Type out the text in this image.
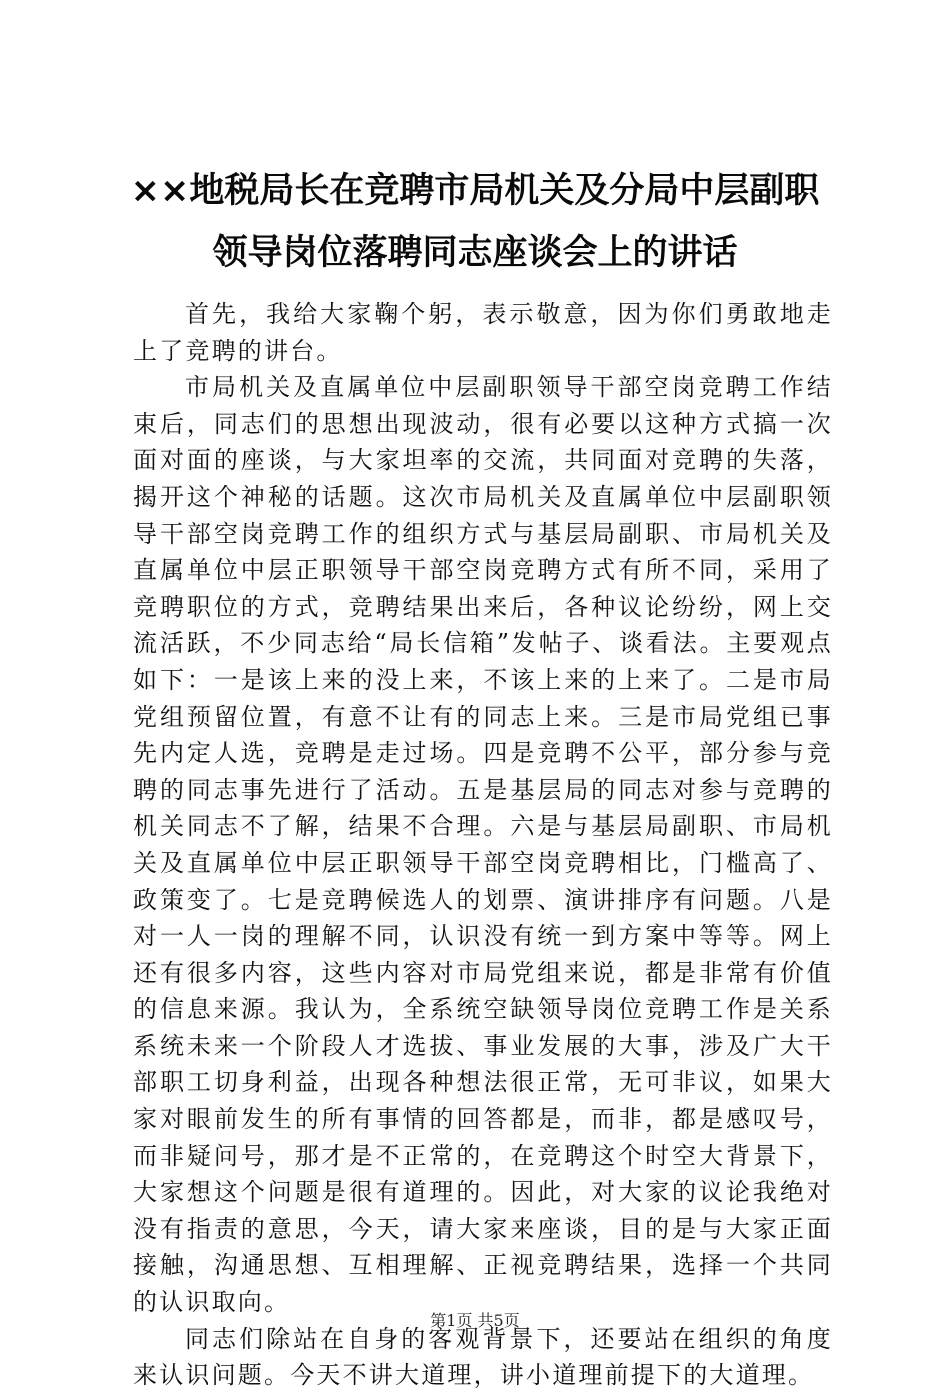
××地税局长在竞聘市局机关及分局中层副职
领导岗位落聘同志座谈会上的讲话

首先，我给大家鞠个躬，表示敬意，因为你们勇敢地走上了竞聘的讲台。

市局机关及直属单位中层副职领导干部空岗竞聘工作结束后，同志们的思想出现波动，很有必要以这种方式搞一次面对面的座谈，与大家坦率的交流，共同面对竞聘的失落，揭开这个神秘的话题。这次市局机关及直属单位中层副职领导干部空岗竞聘工作的组织方式与基层局副职、市局机关及直属单位中层正职领导干部空岗竞聘方式有所不同，采用了竞聘职位的方式，竞聘结果出来后，各种议论纷纷，网上交流活跃，不少同志给“局长信箱”发帖子、谈看法。主要观点如下：一是该上来的没上来，不该上来的上来了。二是市局党组预留位置，有意不让有的同志上来。三是市局党组已事先内定人选，竞聘是走过场。四是竞聘不公平，部分参与竞聘的同志事先进行了活动。五是基层局的同志对参与竞聘的机关同志不了解，结果不合理。六是与基层局副职、市局机关及直属单位中层正职领导干部空岗竞聘相比，门槛高了、政策变了。七是竞聘候选人的划票、演讲排序有问题。八是对一人一岗的理解不同，认识没有统一到方案中等等。网上还有很多内容，这些内容对市局党组来说，都是非常有价值的信息来源。我认为，全系统空缺领导岗位竞聘工作是关系系统未来一个阶段人才选拔、事业发展的大事，涉及广大干部职工切身利益，出现各种想法很正常，无可非议，如果大家对眼前发生的所有事情的回答都是，而非，都是感叹号，而非疑问号，那才是不正常的，在竞聘这个时空大背景下，大家想这个问题是很有道理的。因此，对大家的议论我绝对没有指责的意思，今天，请大家来座谈，目的是与大家正面接触，沟通思想、互相理解、正视竞聘结果，选择一个共同的认识取向。

同志们除站在自身的客观背景下，还要站在组织的角度来认识问题。今天不讲大道理，讲小道理前提下的大道理。

第1页 共5页
